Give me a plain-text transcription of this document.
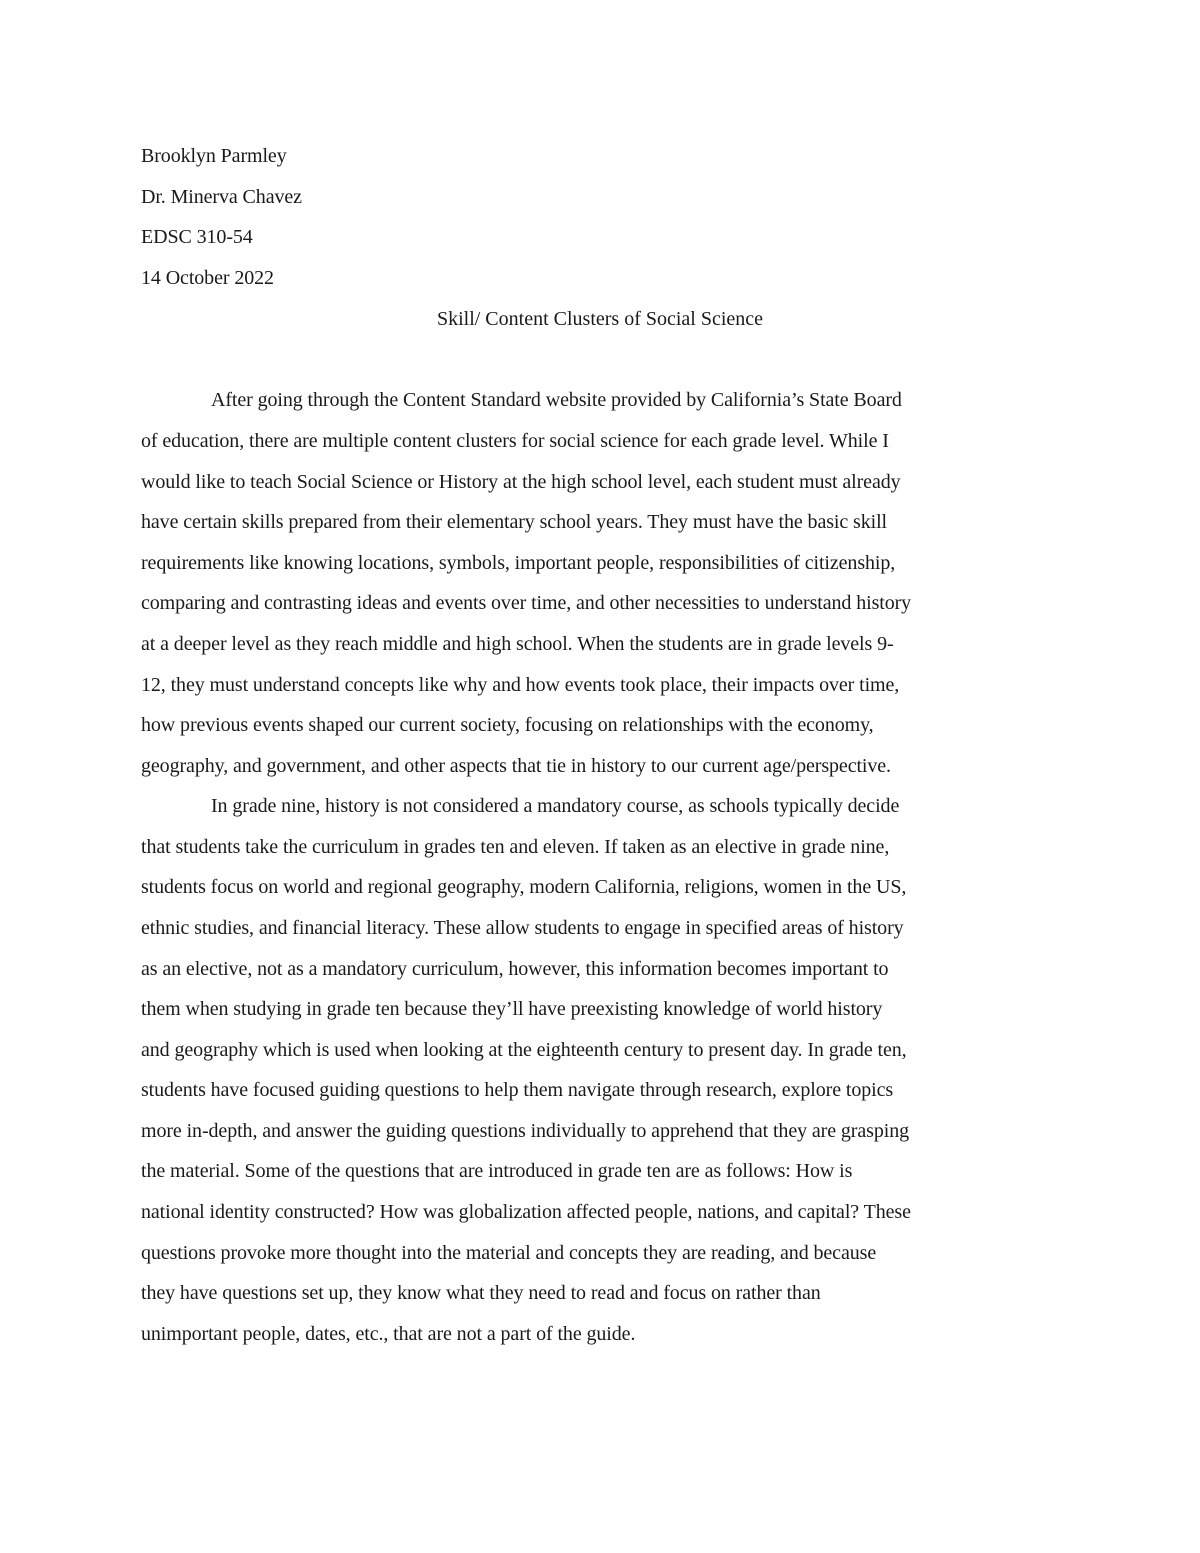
Brooklyn Parmley
Dr. Minerva Chavez
EDSC 310-54
14 October 2022
Skill/ Content Clusters of Social Science
After going through the Content Standard website provided by California’s State Board
of education, there are multiple content clusters for social science for each grade level. While I
would like to teach Social Science or History at the high school level, each student must already
have certain skills prepared from their elementary school years. They must have the basic skill
requirements like knowing locations, symbols, important people, responsibilities of citizenship,
comparing and contrasting ideas and events over time, and other necessities to understand history
at a deeper level as they reach middle and high school. When the students are in grade levels 9-
12, they must understand concepts like why and how events took place, their impacts over time,
how previous events shaped our current society, focusing on relationships with the economy,
geography, and government, and other aspects that tie in history to our current age/perspective.
In grade nine, history is not considered a mandatory course, as schools typically decide
that students take the curriculum in grades ten and eleven. If taken as an elective in grade nine,
students focus on world and regional geography, modern California, religions, women in the US,
ethnic studies, and financial literacy. These allow students to engage in specified areas of history
as an elective, not as a mandatory curriculum, however, this information becomes important to
them when studying in grade ten because they’ll have preexisting knowledge of world history
and geography which is used when looking at the eighteenth century to present day. In grade ten,
students have focused guiding questions to help them navigate through research, explore topics
more in-depth, and answer the guiding questions individually to apprehend that they are grasping
the material. Some of the questions that are introduced in grade ten are as follows: How is
national identity constructed? How was globalization affected people, nations, and capital? These
questions provoke more thought into the material and concepts they are reading, and because
they have questions set up, they know what they need to read and focus on rather than
unimportant people, dates, etc., that are not a part of the guide.
